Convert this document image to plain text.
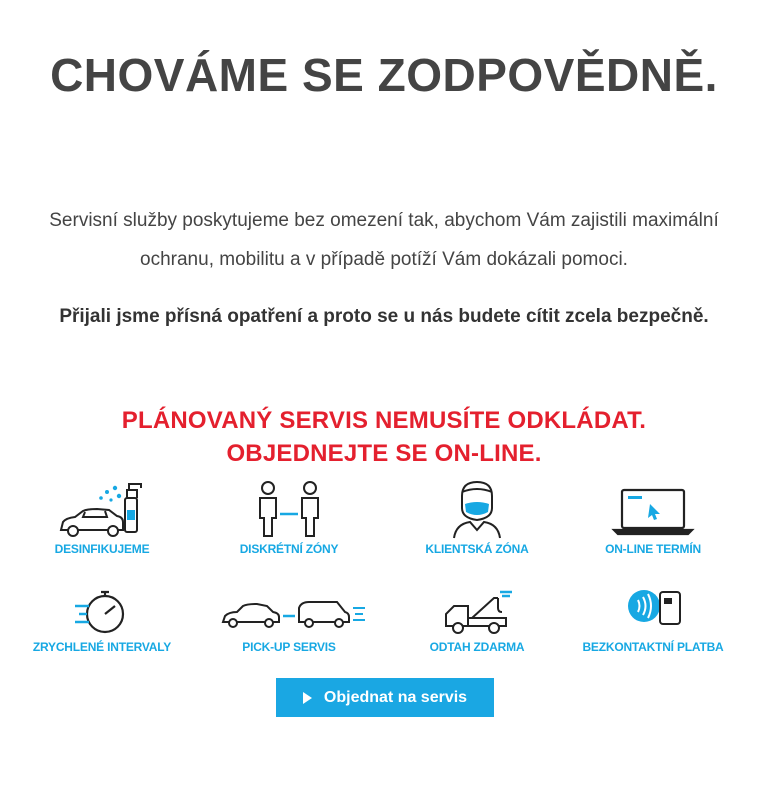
CHOVÁME SE ZODPOVĚDNĚ.
Servisní služby poskytujeme bez omezení tak, abychom Vám zajistili maximální

ochranu, mobilitu a v případě potíží Vám dokázali pomoci.
Přijali jsme přísná opatření a proto se u nás budete cítit zcela bezpečně.
PLÁNOVANÝ SERVIS NEMUSÍTE ODKLÁDAT.
OBJEDNEJTE SE ON-LINE.
DESINFIKUJEME	DISKRÉTNÍ ZÓNY	KLIENTSKÁ ZÓNA	ON-LINE TERMÍN
ZRYCHLENÉ INTERVALY	PICK-UP SERVIS	ODTAH ZDARMA	BEZKONTAKTNÍ PLATBA
Objednat na servis
